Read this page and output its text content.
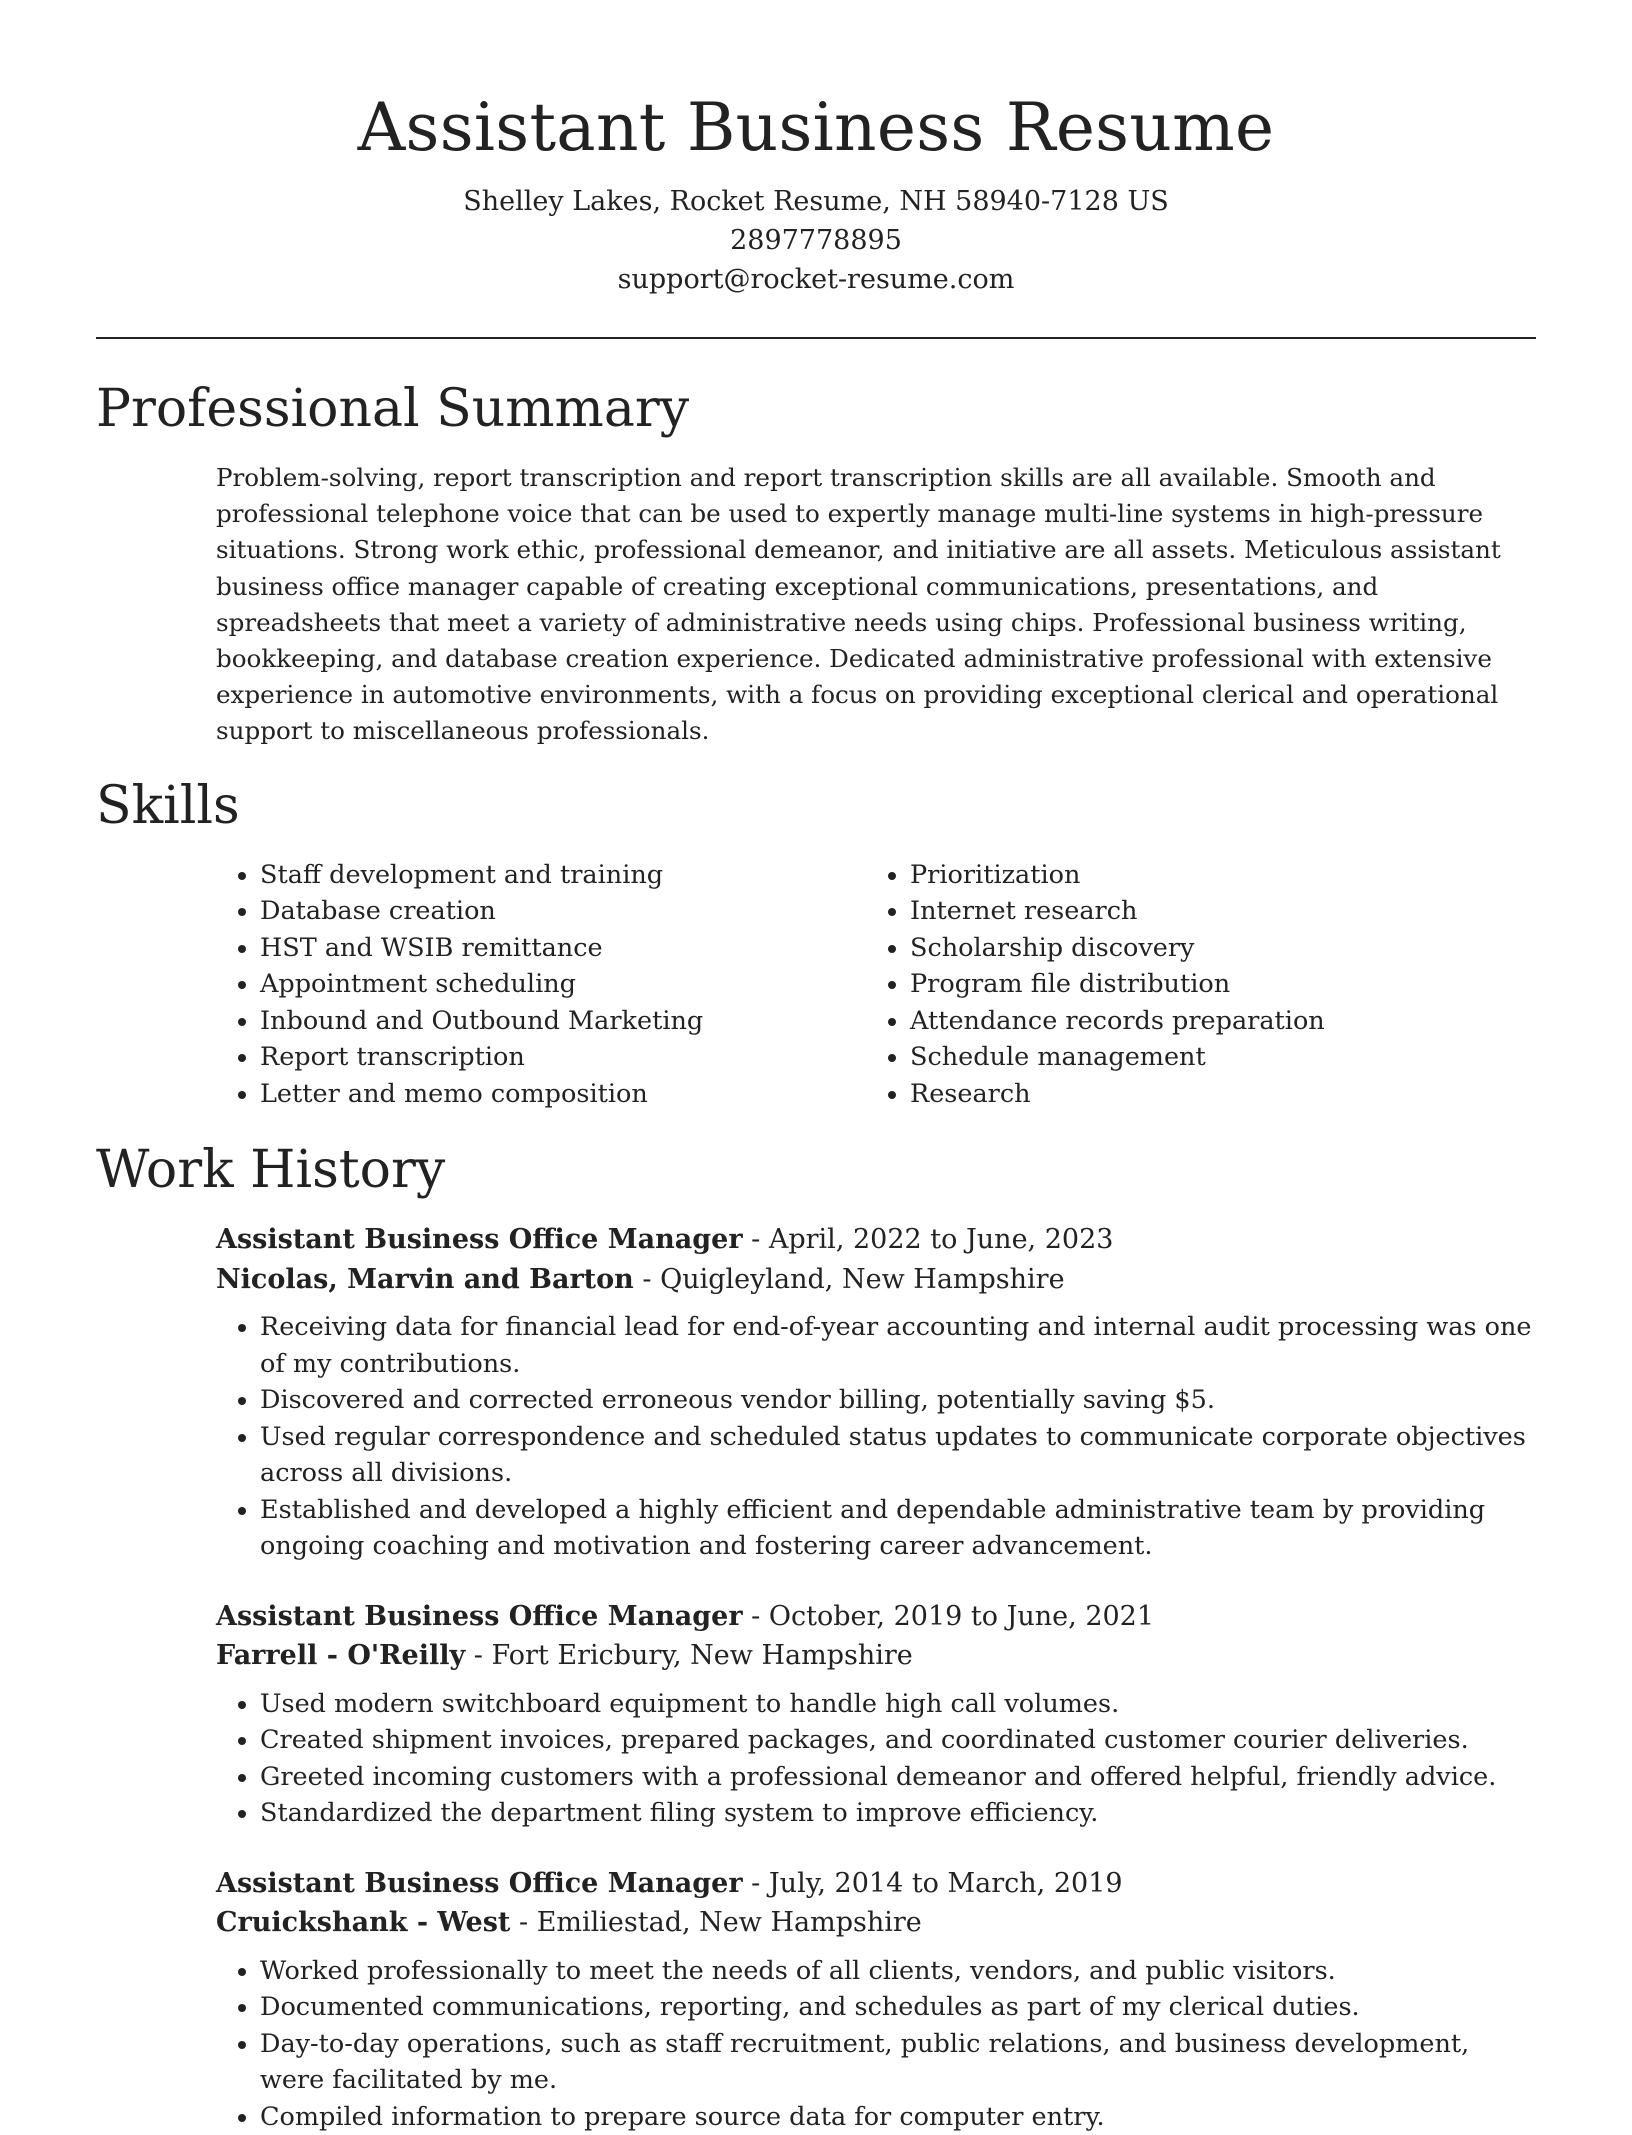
Assistant Business Resume
Shelley Lakes, Rocket Resume, NH 58940-7128 US
2897778895
support@rocket-resume.com
Professional Summary

Problem-solving, report transcription and report transcription skills are all available. Smooth and professional telephone voice that can be used to expertly manage multi-line systems in high-pressure situations. Strong work ethic, professional demeanor, and initiative are all assets. Meticulous assistant business office manager capable of creating exceptional communications, presentations, and spreadsheets that meet a variety of administrative needs using chips. Professional business writing, bookkeeping, and database creation experience. Dedicated administrative professional with extensive experience in automotive environments, with a focus on providing exceptional clerical and operational support to miscellaneous professionals.

Skills
• Staff development and training
• Database creation
• HST and WSIB remittance
• Appointment scheduling
• Inbound and Outbound Marketing
• Report transcription
• Letter and memo composition
• Prioritization
• Internet research
• Scholarship discovery
• Program file distribution
• Attendance records preparation
• Schedule management
• Research
Work History
Assistant Business Office Manager - April, 2022 to June, 2023
Nicolas, Marvin and Barton - Quigleyland, New Hampshire
• Receiving data for financial lead for end-of-year accounting and internal audit processing was one of my contributions.
• Discovered and corrected erroneous vendor billing, potentially saving $5.
• Used regular correspondence and scheduled status updates to communicate corporate objectives across all divisions.
• Established and developed a highly efficient and dependable administrative team by providing ongoing coaching and motivation and fostering career advancement.
Assistant Business Office Manager - October, 2019 to June, 2021
Farrell - O'Reilly - Fort Ericbury, New Hampshire
• Used modern switchboard equipment to handle high call volumes.
• Created shipment invoices, prepared packages, and coordinated customer courier deliveries.
• Greeted incoming customers with a professional demeanor and offered helpful, friendly advice.
• Standardized the department filing system to improve efficiency.
Assistant Business Office Manager - July, 2014 to March, 2019
Cruickshank - West - Emiliestad, New Hampshire
• Worked professionally to meet the needs of all clients, vendors, and public visitors.
• Documented communications, reporting, and schedules as part of my clerical duties.
• Day-to-day operations, such as staff recruitment, public relations, and business development, were facilitated by me.
• Compiled information to prepare source data for computer entry.
